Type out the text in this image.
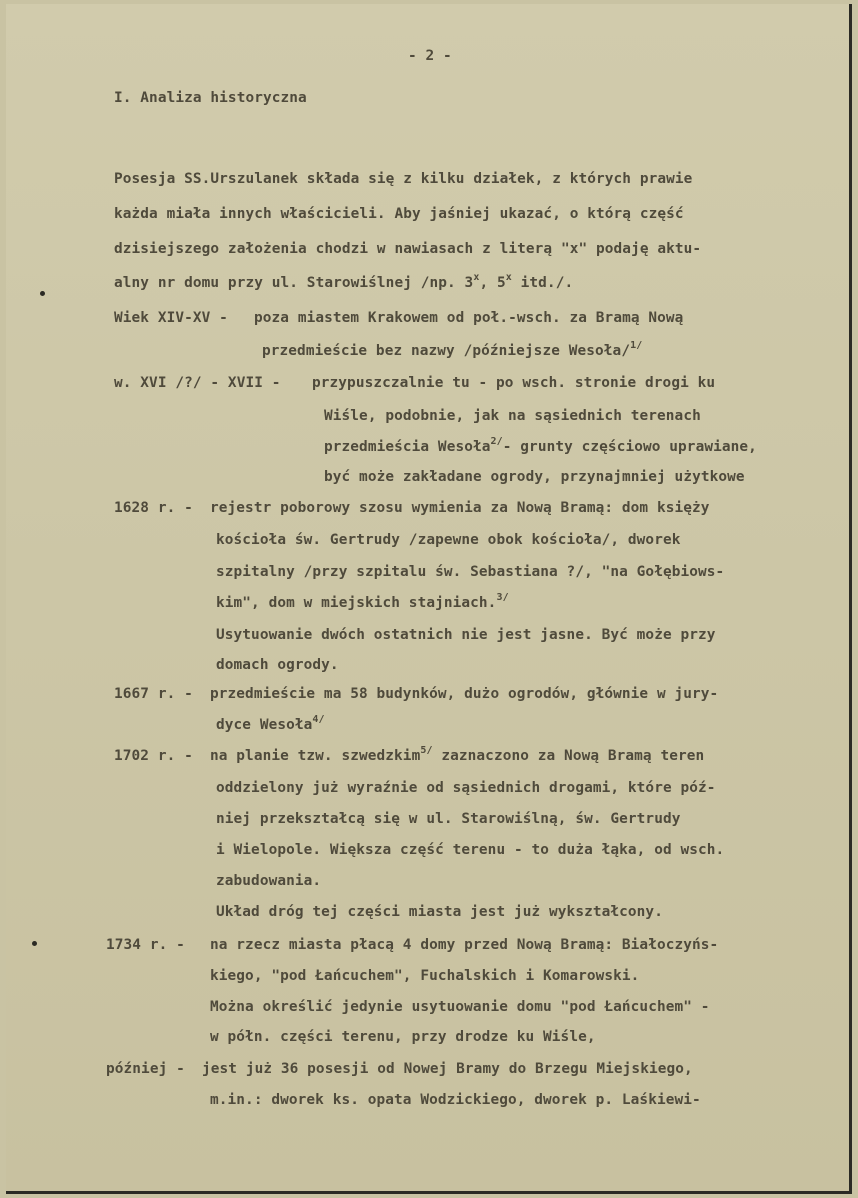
- 2 -
I. Analiza historyczna
Posesja SS.Urszulanek składa się z kilku działek, z których prawie
każda miała innych właścicieli. Aby jaśniej ukazać, o którą część
dzisiejszego założenia chodzi w nawiasach z literą "x" podaję aktu-
alny nr domu przy ul. Starowiślnej /np. 3$^x$, 5$^x$ itd./.
Wiek XIV-XV - poza miastem Krakowem od poł.-wsch. za Bramą Nową
przedmieście bez nazwy /późniejsze Wesoła/$^{1/}$
w. XVI /?/ - XVII - przypuszczalnie tu - po wsch. stronie drogi ku
Wiśle, podobnie, jak na sąsiednich terenach
przedmieścia Wesoła$^{2/}$- grunty częściowo uprawiane,
być może zakładane ogrody, przynajmniej użytkowe
1628 r. - rejestr poborowy szosu wymienia za Nową Bramą: dom księży
kościoła św. Gertrudy /zapewne obok kościoła/, dworek
szpitalny /przy szpitalu św. Sebastiana ?/, "na Gołębiows-
kim", dom w miejskich stajniach.$^{3/}$
Usytuowanie dwóch ostatnich nie jest jasne. Być może przy
domach ogrody.
1667 r. - przedmieście ma 58 budynków, dużo ogrodów, głównie w jury-
dyce Wesoła$^{4/}$
1702 r. - na planie tzw. szwedzkim$^{5/}$ zaznaczono za Nową Bramą teren
oddzielony już wyraźnie od sąsiednich drogami, które póź-
niej przekształcą się w ul. Starowiślną, św. Gertrudy
i Wielopole. Większa część terenu - to duża łąka, od wsch.
zabudowania.
Układ dróg tej części miasta jest już wykształcony.
1734 r. - na rzecz miasta płacą 4 domy przed Nową Bramą: Białoczyńs-
kiego, "pod Łańcuchem", Fuchalskich i Komarowski.
Można określić jedynie usytuowanie domu "pod Łańcuchem" -
w półn. części terenu, przy drodze ku Wiśle,
później - jest już 36 posesji od Nowej Bramy do Brzegu Miejskiego,
m.in.: dworek ks. opata Wodzickiego, dworek p. Laśkiewi-
